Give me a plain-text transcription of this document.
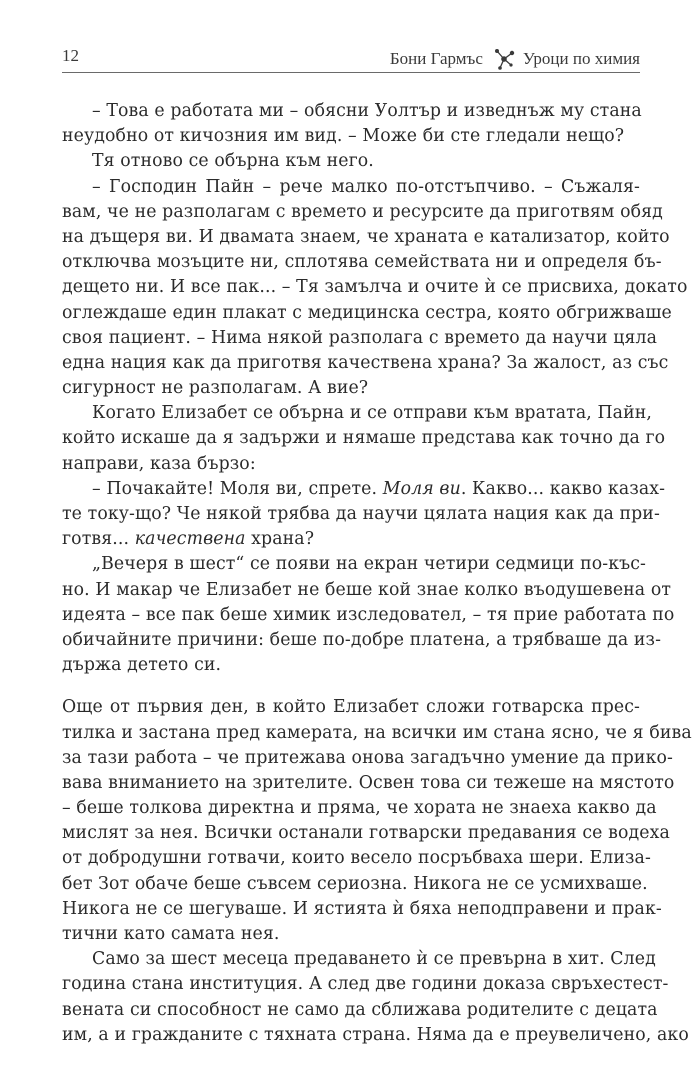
12	Бони Гармъс Уроци по химия
– Това е работата ми – обясни Уолтър и изведнъж му стана
неудобно от кичозния им вид. – Може би сте гледали нещо?
Тя отново се обърна към него.
– Господин Пайн – рече малко по-отстъпчиво. – Съжаля-
вам, че не разполагам с времето и ресурсите да приготвям обяд
на дъщеря ви. И двамата знаем, че храната е катализатор, който
отключва мозъците ни, сплотява семействата ни и определя бъ-
дещето ни. И все пак... – Тя замълча и очите ѝ се присвиха, докато
оглеждаше един плакат с медицинска сестра, която обгрижваше
своя пациент. – Нима някой разполага с времето да научи цяла
една нация как да приготвя качествена храна? За жалост, аз със
сигурност не разполагам. А вие?
Когато Елизабет се обърна и се отправи към вратата, Пайн,
който искаше да я задържи и нямаше представа как точно да го
направи, каза бързо:
– Почакайте! Моля ви, спрете. Моля ви. Какво... какво казах-
те току-що? Че някой трябва да научи цялата нация как да при-
готвя... качествена храна?
„Вечеря в шест“ се появи на екран четири седмици по-къс-
но. И макар че Елизабет не беше кой знае колко въодушевена от
идеята – все пак беше химик изследовател, – тя прие работата по
обичайните причини: беше по-добре платена, а трябваше да из-
държа детето си.
Още от първия ден, в който Елизабет сложи готварска прес-
тилка и застана пред камерата, на всички им стана ясно, че я бива
за тази работа – че притежава онова загадъчно умение да прико-
вава вниманието на зрителите. Освен това си тежеше на мястото
– беше толкова директна и пряма, че хората не знаеха какво да
мислят за нея. Всички останали готварски предавания се водеха
от добродушни готвачи, които весело посръбваха шери. Елиза-
бет Зот обаче беше съвсем сериозна. Никога не се усмихваше.
Никога не се шегуваше. И ястията ѝ бяха неподправени и прак-
тични като самата нея.
Само за шест месеца предаването ѝ се превърна в хит. След
година стана институция. А след две години доказа свръхестест-
вената си способност не само да сближава родителите с децата
им, а и гражданите с тяхната страна. Няма да е преувеличено, ако
